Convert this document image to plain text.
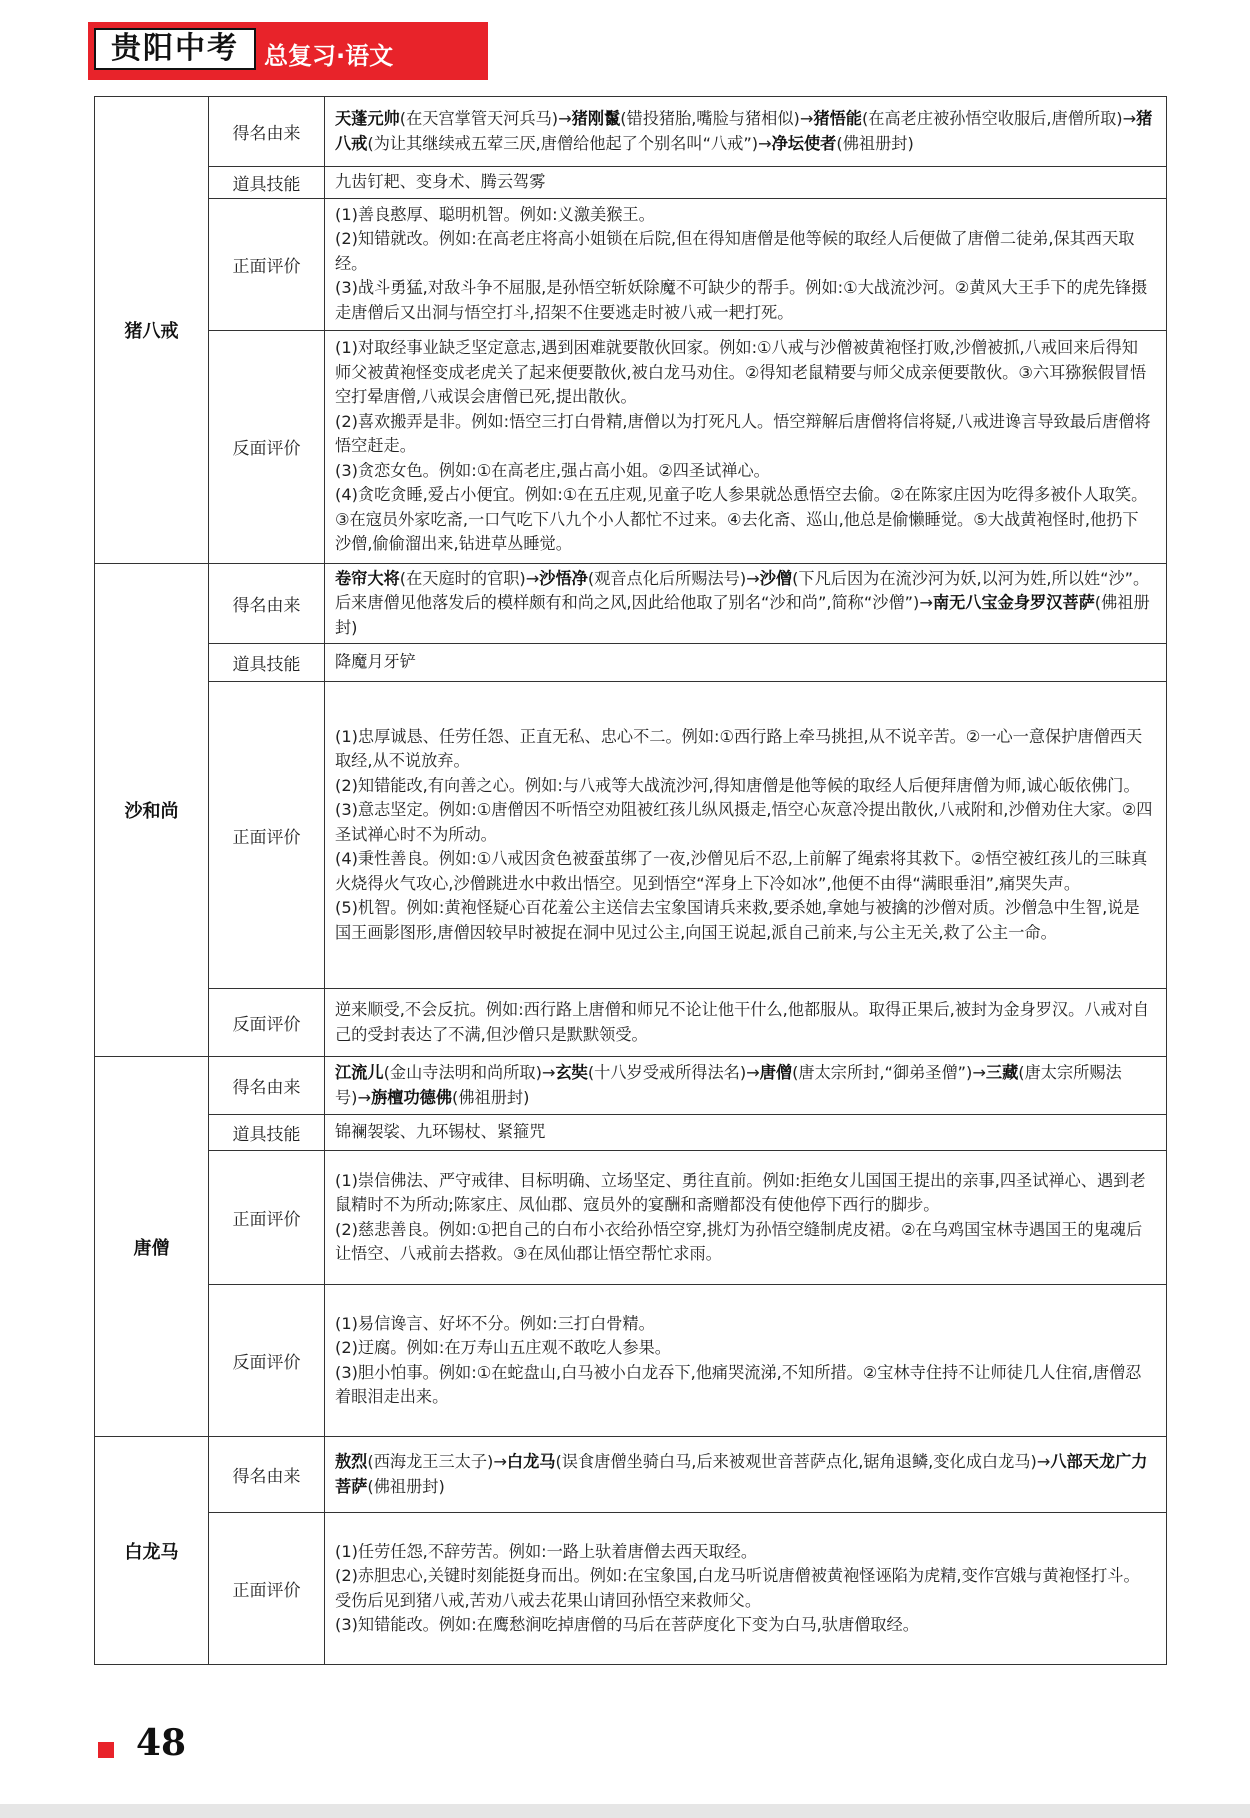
贵阳中考	总复习·语文
猪八戒	得名由来	天蓬元帅(在天宫掌管天河兵马)→猪刚鬣(错投猪胎,嘴脸与猪相似)→猪悟能(在高老庄被孙悟空收服后,唐僧所取)→猪八戒(为让其继续戒五荤三厌,唐僧给他起了个别名叫“八戒”)→净坛使者(佛祖册封)
	道具技能	九齿钉耙、变身术、腾云驾雾
	正面评价	(1)善良憨厚、聪明机智。例如:义激美猴王。

(2)知错就改。例如:在高老庄将高小姐锁在后院,但在得知唐僧是他等候的取经人后便做了唐僧二徒弟,保其西天取经。

(3)战斗勇猛,对敌斗争不屈服,是孙悟空斩妖除魔不可缺少的帮手。例如:①大战流沙河。②黄风大王手下的虎先锋摄走唐僧后又出洞与悟空打斗,招架不住要逃走时被八戒一耙打死。

	反面评价	(1)对取经事业缺乏坚定意志,遇到困难就要散伙回家。例如:①八戒与沙僧被黄袍怪打败,沙僧被抓,八戒回来后得知师父被黄袍怪变成老虎关了起来便要散伙,被白龙马劝住。②得知老鼠精要与师父成亲便要散伙。③六耳猕猴假冒悟空打晕唐僧,八戒误会唐僧已死,提出散伙。

(2)喜欢搬弄是非。例如:悟空三打白骨精,唐僧以为打死凡人。悟空辩解后唐僧将信将疑,八戒进谗言导致最后唐僧将悟空赶走。

(3)贪恋女色。例如:①在高老庄,强占高小姐。②四圣试禅心。

(4)贪吃贪睡,爱占小便宜。例如:①在五庄观,见童子吃人参果就怂恿悟空去偷。②在陈家庄因为吃得多被仆人取笑。③在寇员外家吃斋,一口气吃下八九个小人都忙不过来。④去化斋、巡山,他总是偷懒睡觉。⑤大战黄袍怪时,他扔下沙僧,偷偷溜出来,钻进草丛睡觉。

沙和尚	得名由来	卷帘大将(在天庭时的官职)→沙悟净(观音点化后所赐法号)→沙僧(下凡后因为在流沙河为妖,以河为姓,所以姓“沙”。后来唐僧见他落发后的模样颇有和尚之风,因此给他取了别名“沙和尚”,简称“沙僧”)→南无八宝金身罗汉菩萨(佛祖册封)
	道具技能	降魔月牙铲
	正面评价	(1)忠厚诚恳、任劳任怨、正直无私、忠心不二。例如:①西行路上牵马挑担,从不说辛苦。②一心一意保护唐僧西天取经,从不说放弃。

(2)知错能改,有向善之心。例如:与八戒等大战流沙河,得知唐僧是他等候的取经人后便拜唐僧为师,诚心皈依佛门。

(3)意志坚定。例如:①唐僧因不听悟空劝阻被红孩儿纵风摄走,悟空心灰意冷提出散伙,八戒附和,沙僧劝住大家。②四圣试禅心时不为所动。

(4)秉性善良。例如:①八戒因贪色被蚕茧绑了一夜,沙僧见后不忍,上前解了绳索将其救下。②悟空被红孩儿的三昧真火烧得火气攻心,沙僧跳进水中救出悟空。见到悟空“浑身上下冷如冰”,他便不由得“满眼垂泪”,痛哭失声。

(5)机智。例如:黄袍怪疑心百花羞公主送信去宝象国请兵来救,要杀她,拿她与被擒的沙僧对质。沙僧急中生智,说是国王画影图形,唐僧因较早时被捉在洞中见过公主,向国王说起,派自己前来,与公主无关,救了公主一命。

	反面评价	逆来顺受,不会反抗。例如:西行路上唐僧和师兄不论让他干什么,他都服从。取得正果后,被封为金身罗汉。八戒对自己的受封表达了不满,但沙僧只是默默领受。
唐僧	得名由来	江流儿(金山寺法明和尚所取)→玄奘(十八岁受戒所得法名)→唐僧(唐太宗所封,“御弟圣僧”)→三藏(唐太宗所赐法号)→旃檀功德佛(佛祖册封)
	道具技能	锦襕袈裟、九环锡杖、紧箍咒
	正面评价	(1)崇信佛法、严守戒律、目标明确、立场坚定、勇往直前。例如:拒绝女儿国国王提出的亲事,四圣试禅心、遇到老鼠精时不为所动;陈家庄、凤仙郡、寇员外的宴酬和斋赠都没有使他停下西行的脚步。

(2)慈悲善良。例如:①把自己的白布小衣给孙悟空穿,挑灯为孙悟空缝制虎皮裙。②在乌鸡国宝林寺遇国王的鬼魂后让悟空、八戒前去搭救。③在凤仙郡让悟空帮忙求雨。

	反面评价	(1)易信谗言、好坏不分。例如:三打白骨精。

(2)迂腐。例如:在万寿山五庄观不敢吃人参果。

(3)胆小怕事。例如:①在蛇盘山,白马被小白龙吞下,他痛哭流涕,不知所措。②宝林寺住持不让师徒几人住宿,唐僧忍着眼泪走出来。

白龙马	得名由来	敖烈(西海龙王三太子)→白龙马(误食唐僧坐骑白马,后来被观世音菩萨点化,锯角退鳞,变化成白龙马)→八部天龙广力菩萨(佛祖册封)
	正面评价	(1)任劳任怨,不辞劳苦。例如:一路上驮着唐僧去西天取经。

(2)赤胆忠心,关键时刻能挺身而出。例如:在宝象国,白龙马听说唐僧被黄袍怪诬陷为虎精,变作宫娥与黄袍怪打斗。受伤后见到猪八戒,苦劝八戒去花果山请回孙悟空来救师父。

(3)知错能改。例如:在鹰愁涧吃掉唐僧的马后在菩萨度化下变为白马,驮唐僧取经。

48
